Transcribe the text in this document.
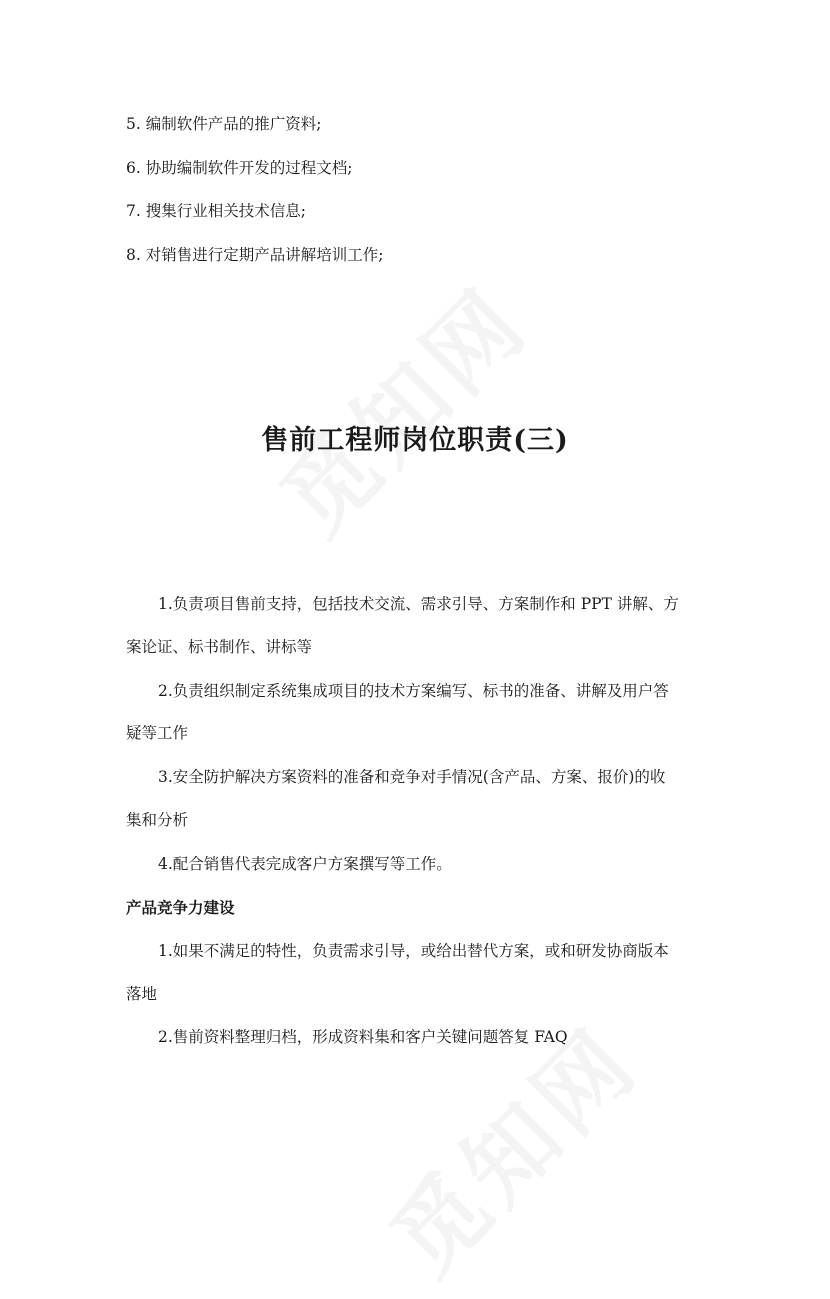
5. 编制软件产品的推广资料;
6. 协助编制软件开发的过程文档;
7. 搜集行业相关技术信息;
8. 对销售进行定期产品讲解培训工作;
售前工程师岗位职责(三)
1.负责项目售前支持，包括技术交流、需求引导、方案制作和 PPT 讲解、方
案论证、标书制作、讲标等
2.负责组织制定系统集成项目的技术方案编写、标书的准备、讲解及用户答
疑等工作
3.安全防护解决方案资料的准备和竞争对手情况(含产品、方案、报价)的收
集和分析
4.配合销售代表完成客户方案撰写等工作。
产品竞争力建设
1.如果不满足的特性，负责需求引导，或给出替代方案，或和研发协商版本
落地
2.售前资料整理归档，形成资料集和客户关键问题答复 FAQ
